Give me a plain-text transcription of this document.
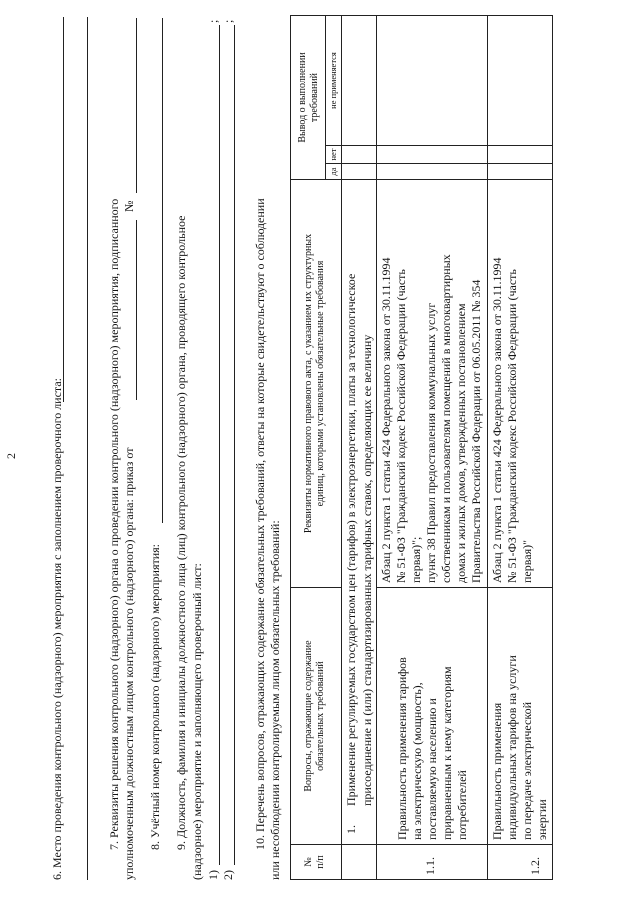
2	6. Место проведения контрольного (надзорного) мероприятия с заполнением проверочного листа:	7. Реквизиты решения контрольного (надзорного) органа о проведении контрольного (надзорного) мероприятия, подписанного уполномоченным должностным лицом контрольного (надзорного) органа: приказ от
№
8. Учётный номер контрольного (надзорного) мероприятия: 9. Должность, фамилия и инициалы должностного лица (лиц) контрольного (надзорного) органа, проводящего контрольное (надзорное) мероприятие и заполняющего проверочный лист: 1)
;
2)
;
10. Перечень вопросов, отражающих содержание обязательных требований, ответы на которые свидетельствуют о соблюдении или несоблюдении контролируемым лицом обязательных требований: № п/п
Вопросы, отражающие содержание обязательных требований
Реквизиты нормативного правового акта, с указанием их структурных единиц, которыми установлены обязательные требования
Вывод о выполнении требований
да
нет
не применяется
1.
Применение регулируемых государством цен (тарифов) в электроэнергетики, платы за технологическое присоединение и (или) стандартизированных тарифных ставок, определяющих ее величину
1.1.
Правильность применения тарифов на электрическую (мощность), поставляемую населению и приравненным к нему категориям потребителей
Абзац 2 пункта 1 статьи 424 Федерального закона от 30.11.1994 № 51-ФЗ "Гражданский кодекс Российской Федерации (часть первая)"; пункт 38 Правил предоставления коммунальных услуг собственникам и пользователям помещений в многоквартирных домах и жилых домов, утвержденных постановлением Правительства Российской Федерации от 06.05.2011 № 354
1.2.
Правильность применения индивидуальных тарифов на услуги по передаче электрической энергии
Абзац 2 пункта 1 статьи 424 Федерального закона от 30.11.1994 № 51-ФЗ "Гражданский кодекс Российской Федерации (часть первая)"
